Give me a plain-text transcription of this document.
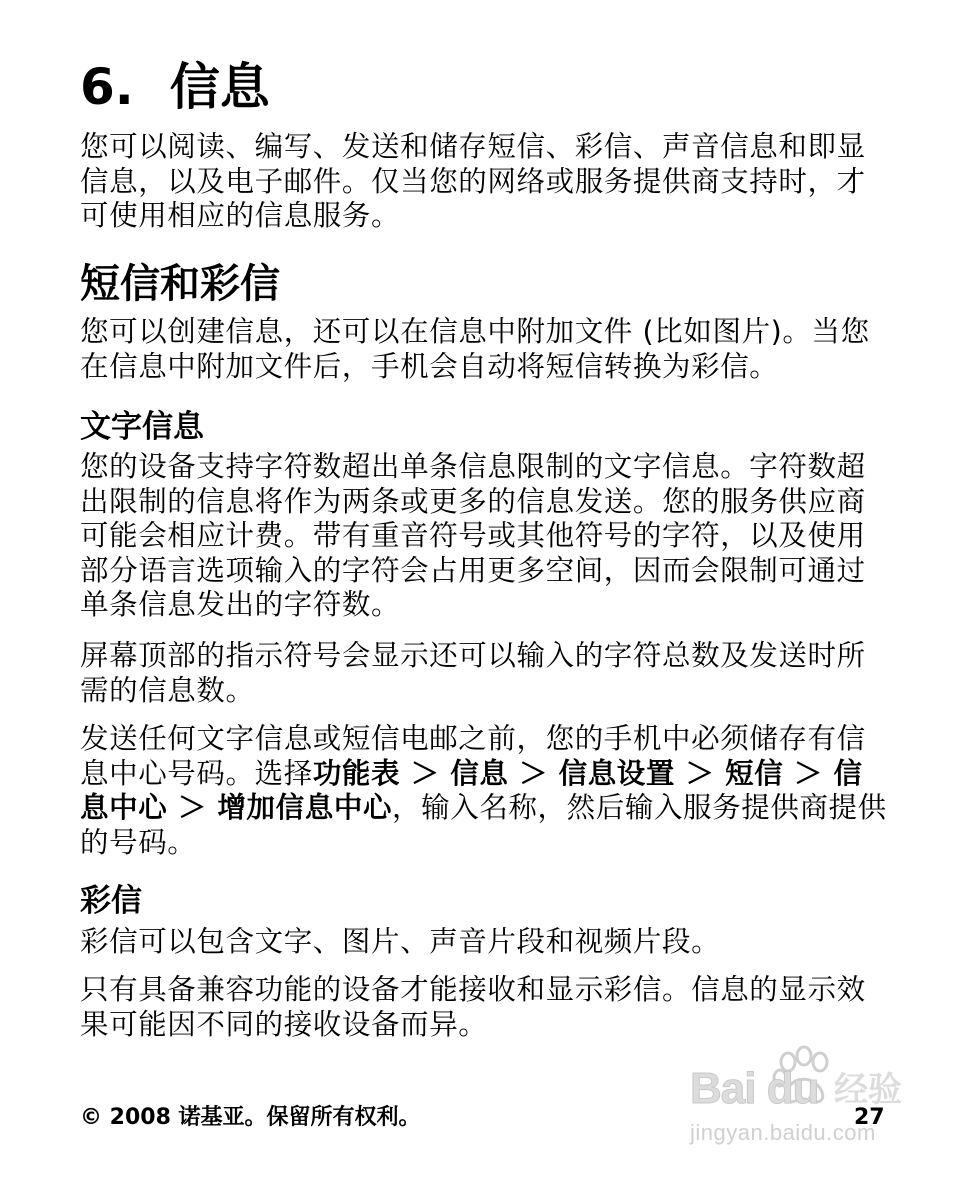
6. 信息

您可以阅读、编写、发送和储存短信、彩信、声音信息和即显信息，以及电子邮件。仅当您的网络或服务提供商支持时，才可使用相应的信息服务。

短信和彩信

您可以创建信息，还可以在信息中附加文件 (比如图片)。当您在信息中附加文件后，手机会自动将短信转换为彩信。

文字信息

您的设备支持字符数超出单条信息限制的文字信息。字符数超出限制的信息将作为两条或更多的信息发送。您的服务供应商可能会相应计费。带有重音符号或其他符号的字符，以及使用部分语言选项输入的字符会占用更多空间，因而会限制可通过单条信息发出的字符数。

屏幕顶部的指示符号会显示还可以输入的字符总数及发送时所需的信息数。

发送任何文字信息或短信电邮之前，您的手机中必须储存有信息中心号码。选择功能表 ＞ 信息 ＞ 信息设置 ＞ 短信 ＞ 信息中心 ＞ 增加信息中心，输入名称，然后输入服务提供商提供的号码。

彩信

彩信可以包含文字、图片、声音片段和视频片段。

只有具备兼容功能的设备才能接收和显示彩信。信息的显示效果可能因不同的接收设备而异。

© 2008 诺基亚。保留所有权利。
Bai du 经验
jingyan.baidu.com
27
